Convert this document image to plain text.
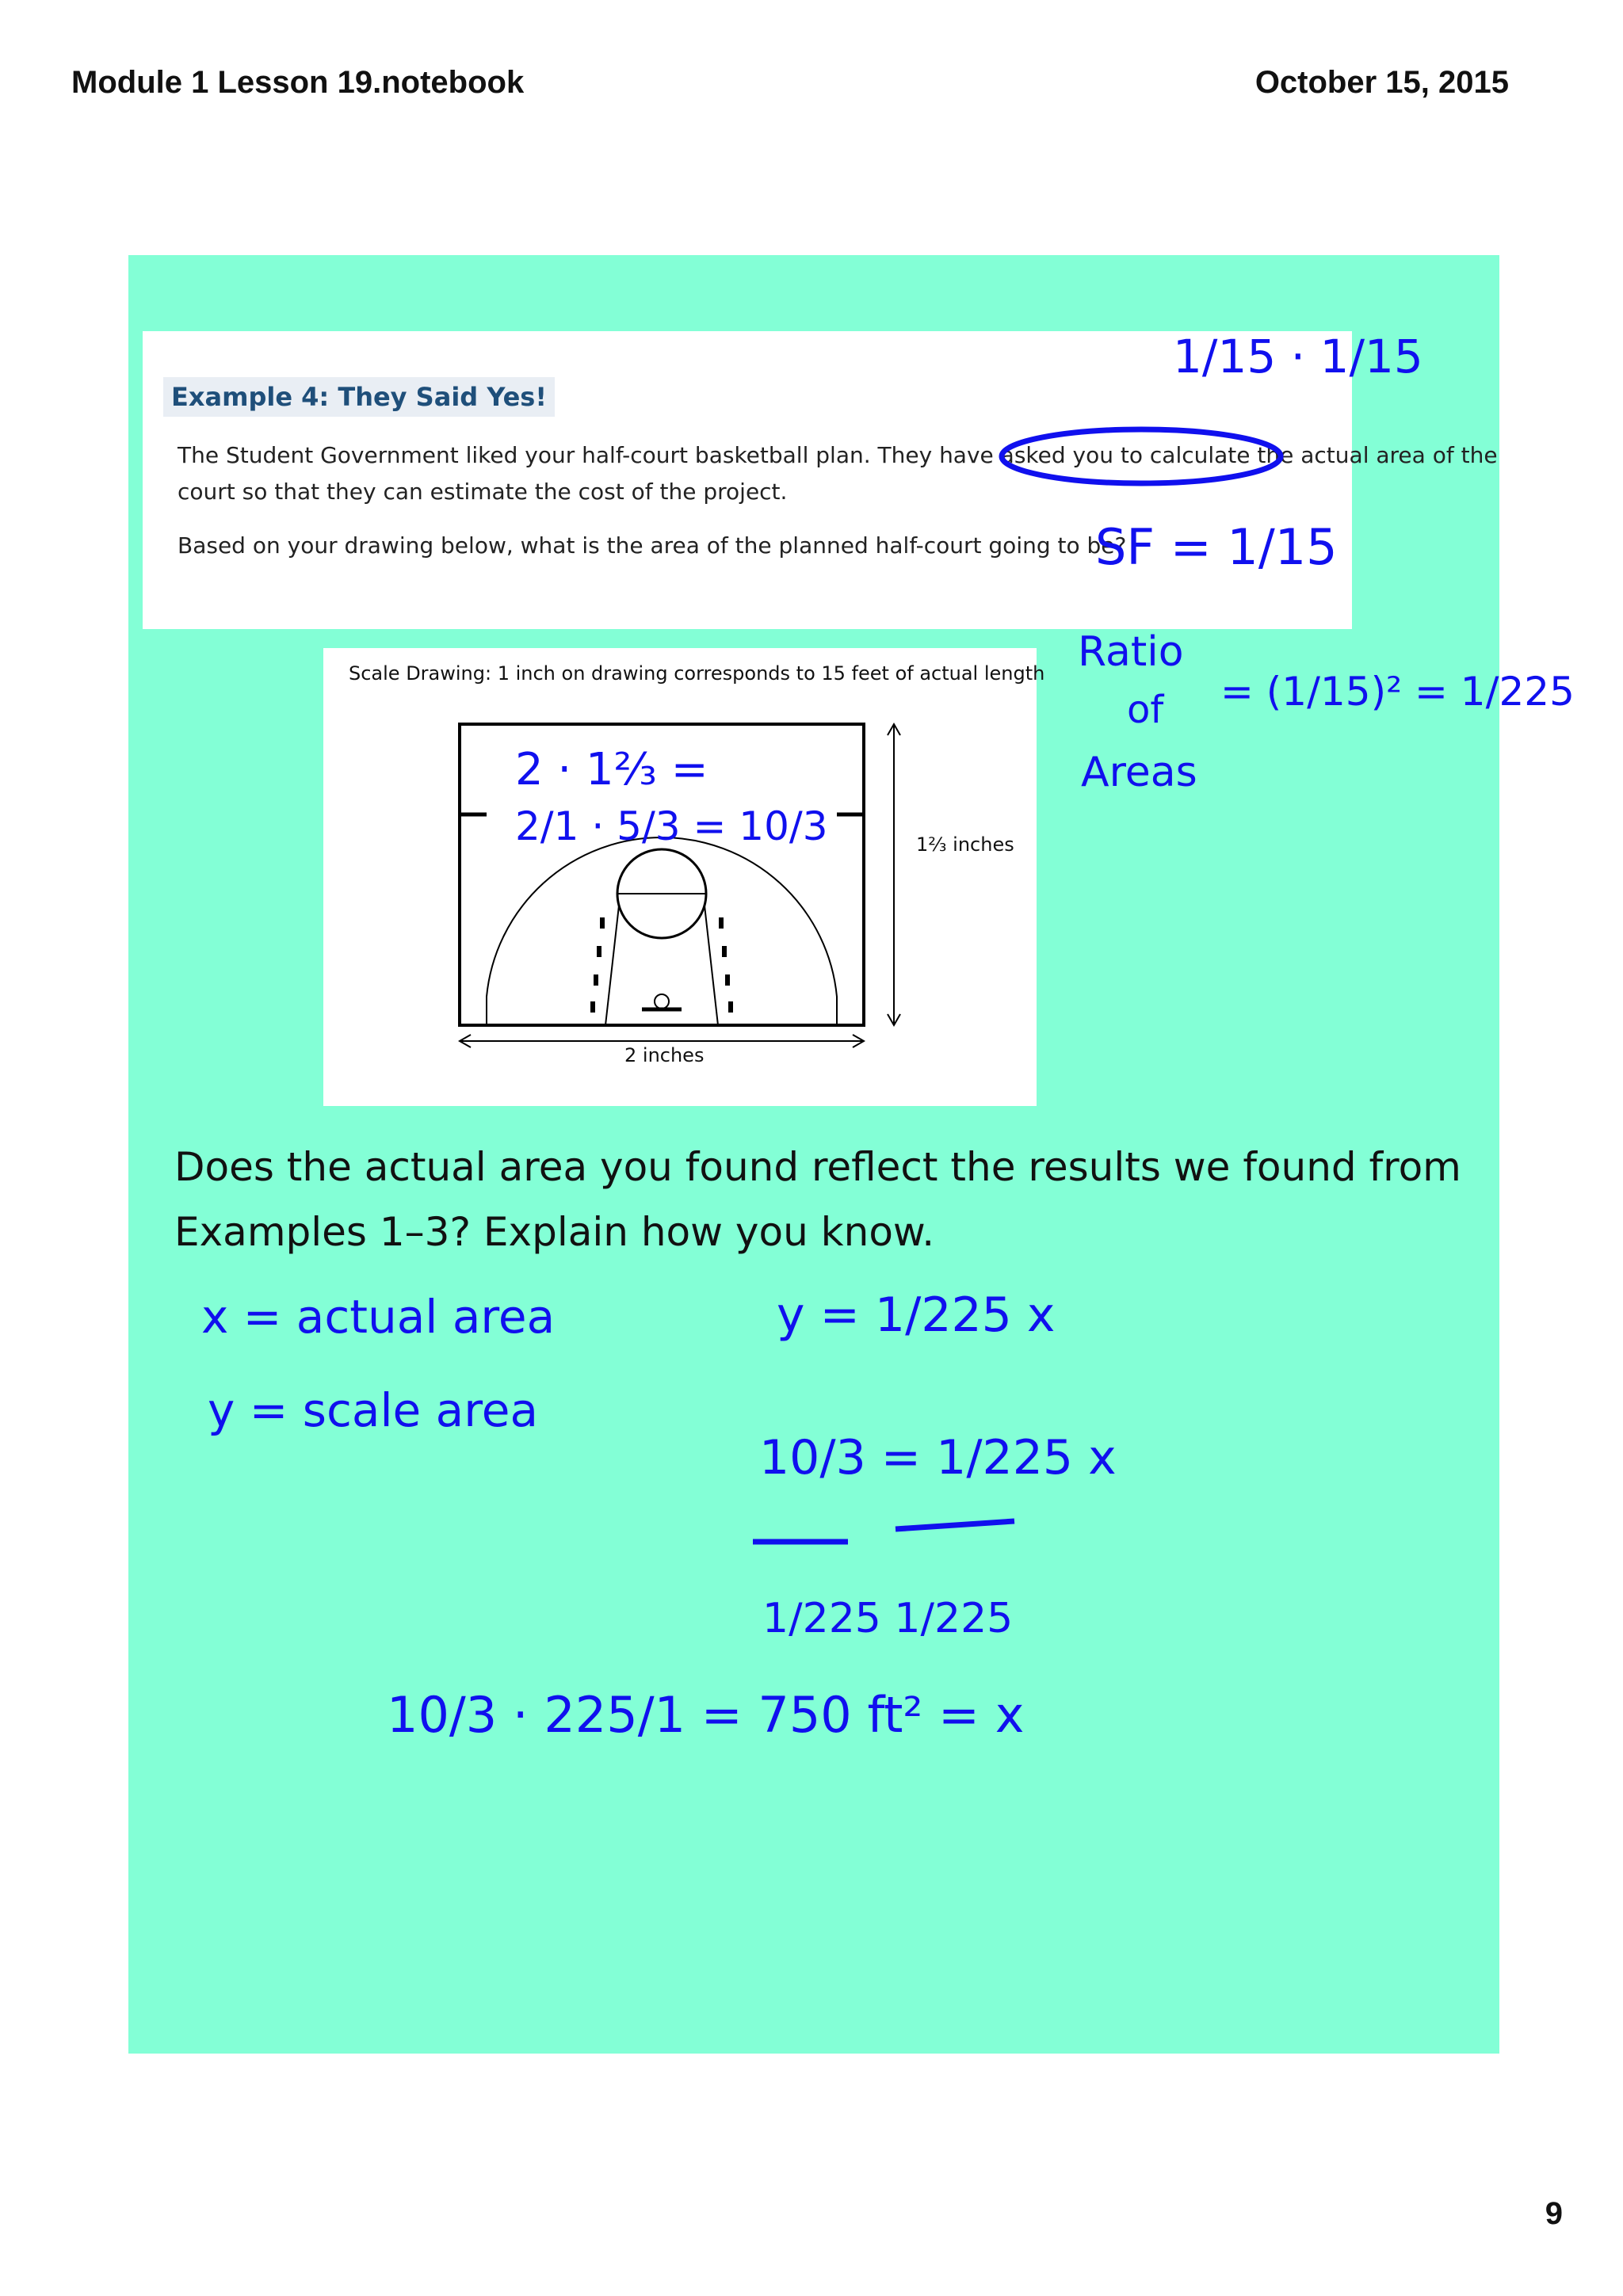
Module 1 Lesson 19.notebook	October 15, 2015
Example 4: They Said Yes!
The Student Government liked your half-court basketball plan. They have asked you to calculate the actual area of the
court so that they can estimate the cost of the project.
Based on your drawing below, what is the area of the planned half-court going to be?
Scale Drawing: 1 inch on drawing corresponds to 15 feet of actual length
1⅔ inches
2 inches
Does the actual area you found reflect the results we found from
Examples 1–3? Explain how you know.
1/15 · 1/15
SF = 1/15
Ratio
of
Areas
= (1/15)² = 1/225
2 · 1⅔ =
2/1 · 5/3 = 10/3
x = actual area
y = scale area
y = 1/225 x
10/3 = 1/225 x
1/225 1/225
10/3 · 225/1 = 750 ft² = x
9
